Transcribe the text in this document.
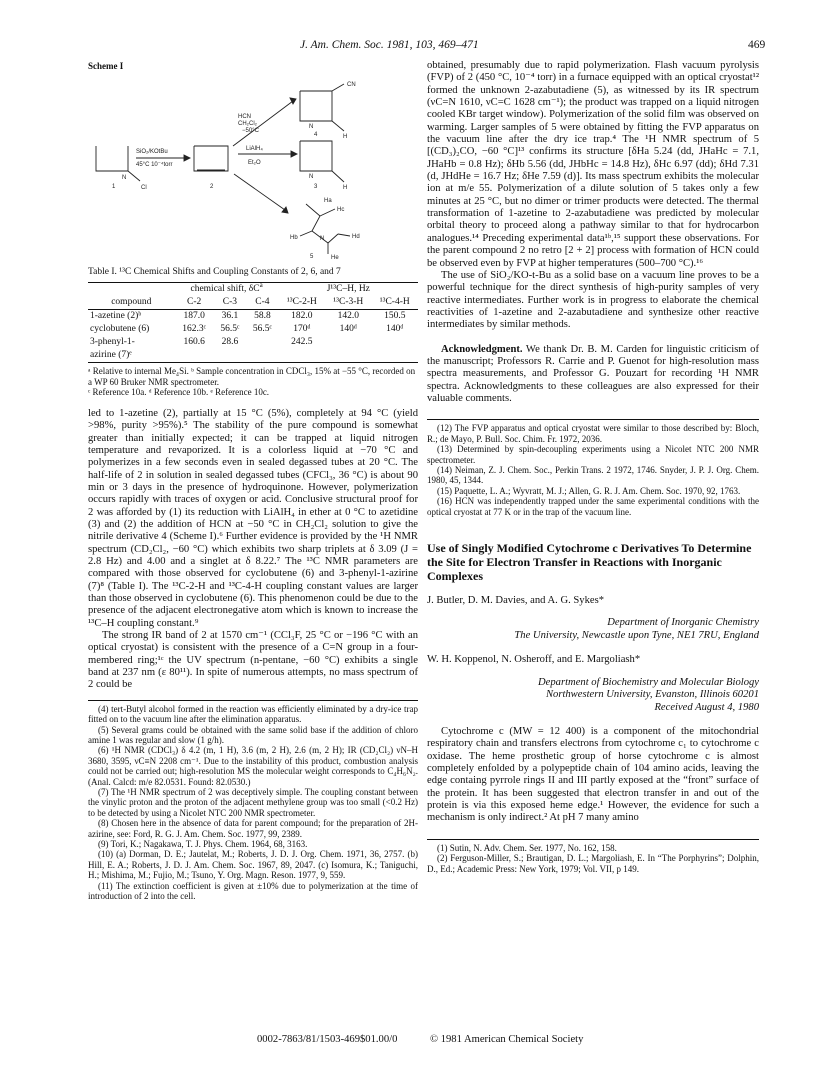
J. Am. Chem. Soc. 1981, 103, 469–471	469
Scheme I
CN
N
H
SiO₂/KOtBu
45°C 10⁻⁴torr
HCN
CH₂Cl₂
−50°C
LiAlH₄
Et₂O
N
Cl
N
H
Ha
Hb
Hc
Hd
He
N
1	2	3
4
5
Table I. ¹³C Chemical Shifts and Coupling Constants of 2, 6, and 7
	chemical shift, $\delta C^a$			J¹³C–H, Hz		
compound	C-2	C-3	C-4	¹³C-2-H	¹³C-3-H	¹³C-4-H
1-azetine (2)ᵇ	187.0	36.1	58.8	182.0	142.0	150.5
cyclobutene (6)	162.3ᶜ	56.5ᶜ	56.5ᶜ	170ᵈ	140ᵈ	140ᵈ
3-phenyl-1-	160.6	28.6		242.5		
azirine (7)ᵉ						
ᵃ Relative to internal Me₄Si. ᵇ Sample concentration in CDCl₃, 15% at −55 °C, recorded on a WP 60 Bruker NMR spectrometer.
ᶜ Reference 10a. ᵈ Reference 10b. ᵉ Reference 10c.

led to 1-azetine (2), partially at 15 °C (5%), completely at 94 °C (yield >98%, purity >95%).⁵ The stability of the pure compound is somewhat greater than initially expected; it can be trapped at liquid nitrogen temperature and revaporized. It is a colorless liquid at −70 °C and polymerizes in a few seconds even in sealed degassed tubes at 20 °C. The half-life of 2 in solution in sealed degassed tubes (CFCl₃, 36 °C) is about 90 min or 3 days in the presence of hydroquinone. However, polymerization occurs rapidly with traces of oxygen or acid. Conclusive structural proof for 2 was afforded by (1) its reduction with LiAlH₄ in ether at 0 °C to azetidine (3) and (2) the addition of HCN at −50 °C in CH₂Cl₂ solution to give the nitrile derivative 4 (Scheme I).⁶ Further evidence is provided by the ¹H NMR spectrum (CD₂Cl₂, −60 °C) which exhibits two sharp triplets at δ 3.09 (J = 2.8 Hz) and 4.00 and a singlet at δ 8.22.⁷ The ¹³C NMR parameters are compared with those observed for cyclobutene (6) and 3-phenyl-1-azirine (7)⁸ (Table I). The ¹³C-2-H and ¹³C-4-H coupling constant values are larger than those observed in cyclobutene (6). This phenomenon could be due to the presence of the adjacent electronegative atom which is known to increase the ¹³C–H coupling constant.⁹

The strong IR band of 2 at 1570 cm⁻¹ (CCl₃F, 25 °C or −196 °C with an optical cryostat) is consistent with the presence of a C=N group in a four-membered ring;¹ᶜ the UV spectrum (n-pentane, −60 °C) exhibits a single band at 237 nm (ε 80¹¹). In spite of numerous attempts, no mass spectrum of 2 could be

(4) tert-Butyl alcohol formed in the reaction was efficiently eliminated by a dry-ice trap fitted on to the vacuum line after the elimination apparatus.

(5) Several grams could be obtained with the same solid base if the addition of chloro amine 1 was regular and slow (1 g/h).

(6) ¹H NMR (CDCl₃) δ 4.2 (m, 1 H), 3.6 (m, 2 H), 2.6 (m, 2 H); IR (CD₂Cl₂) νN–H 3680, 3595, νC≡N 2208 cm⁻¹. Due to the instability of this product, combustion analysis could not be carried out; high-resolution MS the molecular weight corresponds to C₄H₆N₂. (Anal. Calcd: m/e 82.0531. Found: 82.0530.)

(7) The ¹H NMR spectrum of 2 was deceptively simple. The coupling constant between the vinylic proton and the proton of the adjacent methylene group was too small (<0.2 Hz) to be detected by using a Nicolet NTC 200 NMR spectrometer.

(8) Chosen here in the absence of data for parent compound; for the preparation of 2H-azirine, see: Ford, R. G. J. Am. Chem. Soc. 1977, 99, 2389.

(9) Tori, K.; Nagakawa, T. J. Phys. Chem. 1964, 68, 3163.

(10) (a) Dorman, D. E.; Jautelat, M.; Roberts, J. D. J. Org. Chem. 1971, 36, 2757. (b) Hill, E. A.; Roberts, J. D. J. Am. Chem. Soc. 1967, 89, 2047. (c) Isomura, K.; Taniguchi, H.; Mishima, M.; Fujio, M.; Tsuno, Y. Org. Magn. Reson. 1977, 9, 559.

(11) The extinction coefficient is given at ±10% due to polymerization at the time of introduction of 2 into the cell.

obtained, presumably due to rapid polymerization. Flash vacuum pyrolysis (FVP) of 2 (450 °C, 10⁻⁴ torr) in a furnace equipped with an optical cryostat¹² formed the unknown 2-azabutadiene (5), as witnessed by its IR spectrum (νC=N 1610, νC=C 1628 cm⁻¹); the product was trapped on a liquid nitrogen cooled KBr target window). Polymerization of the solid film was observed on warming. Larger samples of 5 were obtained by fitting the FVP apparatus on the vacuum line after the dry ice trap.⁴ The ¹H NMR spectrum of 5 [(CD₃)₂CO, −60 °C]¹³ confirms its structure [δHa 5.24 (dd, JHaHc = 7.1, JHaHb = 0.8 Hz); δHb 5.56 (dd, JHbHc = 14.8 Hz), δHc 6.97 (dd); δHd 7.31 (d, JHdHe = 16.7 Hz; δHe 7.59 (d)]. Its mass spectrum exhibits the molecular ion at m/e 55. Polymerization of a dilute solution of 5 takes only a few minutes at 25 °C, but no dimer or trimer products were detected. The thermal transformation of 1-azetine to 2-azabutadiene was predicted by molecular orbital theory to proceed along a pathway similar to that for hydrocarbon analogues.¹⁴ Preceding experimental data¹ᵇ,¹⁵ support these observations. For the parent compound 2 no retro [2 + 2] process with formation of HCN could be observed even by FVP at higher temperatures (500–700 °C).¹⁶

The use of SiO₂/KO-t-Bu as a solid base on a vacuum line proves to be a powerful technique for the direct synthesis of high-purity samples of very reactive intermediates. Further work is in progress to elaborate the chemical reactivities of 1-azetine and 2-azabutadiene and synthesize other reactive intermediates by similar methods.

Acknowledgment. We thank Dr. B. M. Carden for linguistic criticism of the manuscript; Professors R. Carrie and P. Guenot for high-resolution mass spectra measurements, and Professor G. Pouzart for recording ¹H NMR spectra. Acknowledgments to these colleagues are also expressed for their valuable comments.

(12) The FVP apparatus and optical cryostat were similar to those described by: Bloch, R.; de Mayo, P. Bull. Soc. Chim. Fr. 1972, 2036.

(13) Determined by spin-decoupling experiments using a Nicolet NTC 200 NMR spectrometer.

(14) Neiman, Z. J. Chem. Soc., Perkin Trans. 2 1972, 1746. Snyder, J. P. J. Org. Chem. 1980, 45, 1344.

(15) Paquette, L. A.; Wyvratt, M. J.; Allen, G. R. J. Am. Chem. Soc. 1970, 92, 1763.

(16) HCN was independently trapped under the same experimental conditions with the optical cryostat at 77 K or in the trap of the vacuum line.

Use of Singly Modified Cytochrome c Derivatives To Determine the Site for Electron Transfer in Reactions with Inorganic Complexes
J. Butler, D. M. Davies, and A. G. Sykes*
Department of Inorganic Chemistry
The University, Newcastle upon Tyne, NE1 7RU, England
W. H. Koppenol, N. Osheroff, and E. Margoliash*
Department of Biochemistry and Molecular Biology
Northwestern University, Evanston, Illinois 60201
Received August 4, 1980

Cytochrome c (MW = 12 400) is a component of the mitochondrial respiratory chain and transfers electrons from cytochrome c₁ to cytochrome c oxidase. The heme prosthetic group of horse cytochrome c is almost completely enfolded by a polypeptide chain of 104 amino acids, leaving the edge containg pyrrole rings II and III partly exposed at the “front” surface of the protein. It has been suggested that electron transfer in and out of the protein is via this exposed heme edge.¹ However, the evidence for such a mechanism is only indirect.² At pH 7 many amino

(1) Sutin, N. Adv. Chem. Ser. 1977, No. 162, 158.

(2) Ferguson-Miller, S.; Brautigan, D. L.; Margoliash, E. In “The Porphyrins”; Dolphin, D., Ed.; Academic Press: New York, 1979; Vol. VII, p 149.

0002-7863/81/1503-469$01.00/0	© 1981 American Chemical Society
